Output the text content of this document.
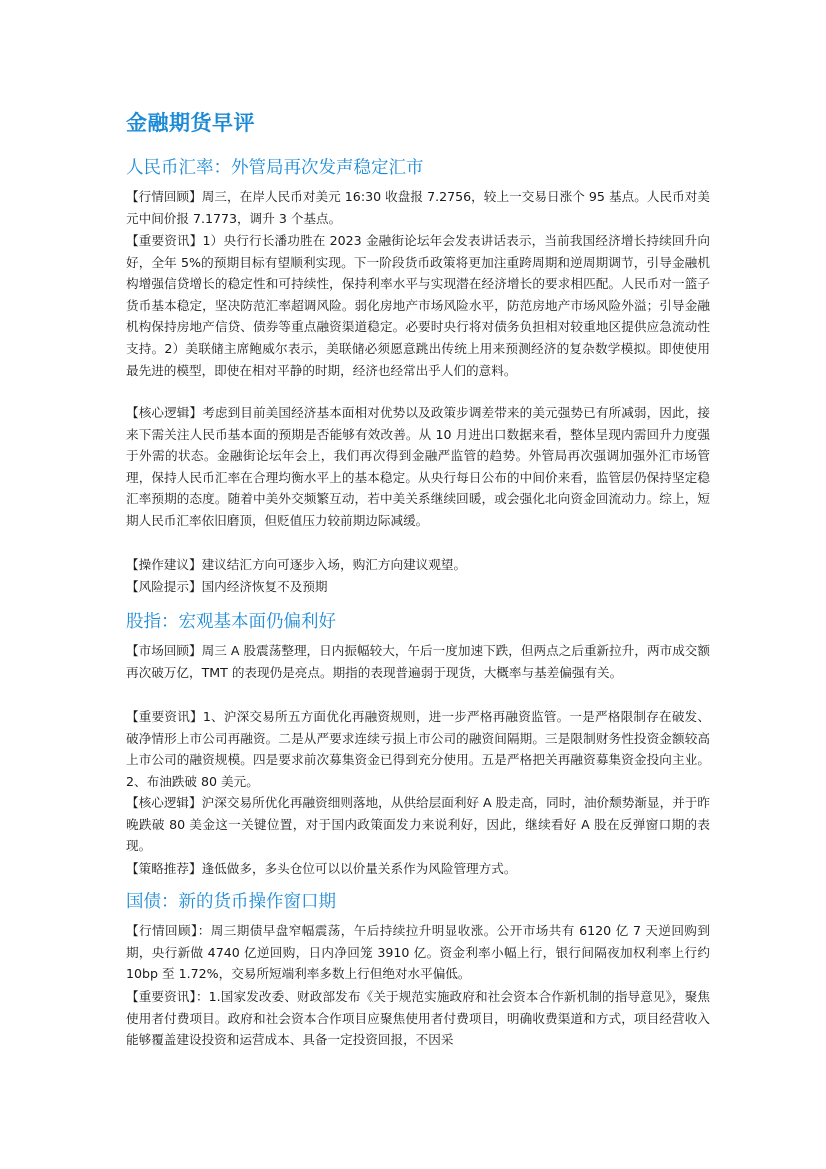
金融期货早评
人民币汇率：外管局再次发声稳定汇市

【行情回顾】周三，在岸人民币对美元 16:30 收盘报 7.2756，较上一交易日涨个 95 基点。人民币对美元中间价报 7.1773，调升 3 个基点。

【重要资讯】1）央行行长潘功胜在 2023 金融街论坛年会发表讲话表示，当前我国经济增长持续回升向好，全年 5%的预期目标有望顺利实现。下一阶段货币政策将更加注重跨周期和逆周期调节，引导金融机构增强信贷增长的稳定性和可持续性，保持利率水平与实现潜在经济增长的要求相匹配。人民币对一篮子货币基本稳定，坚决防范汇率超调风险。弱化房地产市场风险水平，防范房地产市场风险外溢；引导金融机构保持房地产信贷、债券等重点融资渠道稳定。必要时央行将对债务负担相对较重地区提供应急流动性支持。2）美联储主席鲍威尔表示，美联储必须愿意跳出传统上用来预测经济的复杂数学模拟。即使使用最先进的模型，即使在相对平静的时期，经济也经常出乎人们的意料。

【核心逻辑】考虑到目前美国经济基本面相对优势以及政策步调差带来的美元强势已有所减弱，因此，接来下需关注人民币基本面的预期是否能够有效改善。从 10 月进出口数据来看，整体呈现内需回升力度强于外需的状态。金融街论坛年会上，我们再次得到金融严监管的趋势。外管局再次强调加强外汇市场管理，保持人民币汇率在合理均衡水平上的基本稳定。从央行每日公布的中间价来看，监管层仍保持坚定稳汇率预期的态度。随着中美外交频繁互动，若中美关系继续回暖，或会强化北向资金回流动力。综上，短期人民币汇率依旧磨顶，但贬值压力较前期边际减缓。

【操作建议】建议结汇方向可逐步入场，购汇方向建议观望。

【风险提示】国内经济恢复不及预期

股指：宏观基本面仍偏利好

【市场回顾】周三 A 股震荡整理，日内振幅较大，午后一度加速下跌，但两点之后重新拉升，两市成交额再次破万亿，TMT 的表现仍是亮点。期指的表现普遍弱于现货，大概率与基差偏强有关。

【重要资讯】1、沪深交易所五方面优化再融资规则，进一步严格再融资监管。一是严格限制存在破发、破净情形上市公司再融资。二是从严要求连续亏损上市公司的融资间隔期。三是限制财务性投资金额较高上市公司的融资规模。四是要求前次募集资金已得到充分使用。五是严格把关再融资募集资金投向主业。2、布油跌破 80 美元。

【核心逻辑】沪深交易所优化再融资细则落地，从供给层面利好 A 股走高，同时，油价颓势渐显，并于昨晚跌破 80 美金这一关键位置，对于国内政策面发力来说利好，因此，继续看好 A 股在反弹窗口期的表现。

【策略推荐】逢低做多，多头仓位可以以价量关系作为风险管理方式。

国债：新的货币操作窗口期

【行情回顾】：周三期债早盘窄幅震荡，午后持续拉升明显收涨。公开市场共有 6120 亿 7 天逆回购到期，央行新做 4740 亿逆回购，日内净回笼 3910 亿。资金利率小幅上行，银行间隔夜加权利率上行约 10bp 至 1.72%，交易所短端利率多数上行但绝对水平偏低。

【重要资讯】：1.国家发改委、财政部发布《关于规范实施政府和社会资本合作新机制的指导意见》，聚焦使用者付费项目。政府和社会资本合作项目应聚焦使用者付费项目，明确收费渠道和方式，项目经营收入能够覆盖建设投资和运营成本、具备一定投资回报，不因采
